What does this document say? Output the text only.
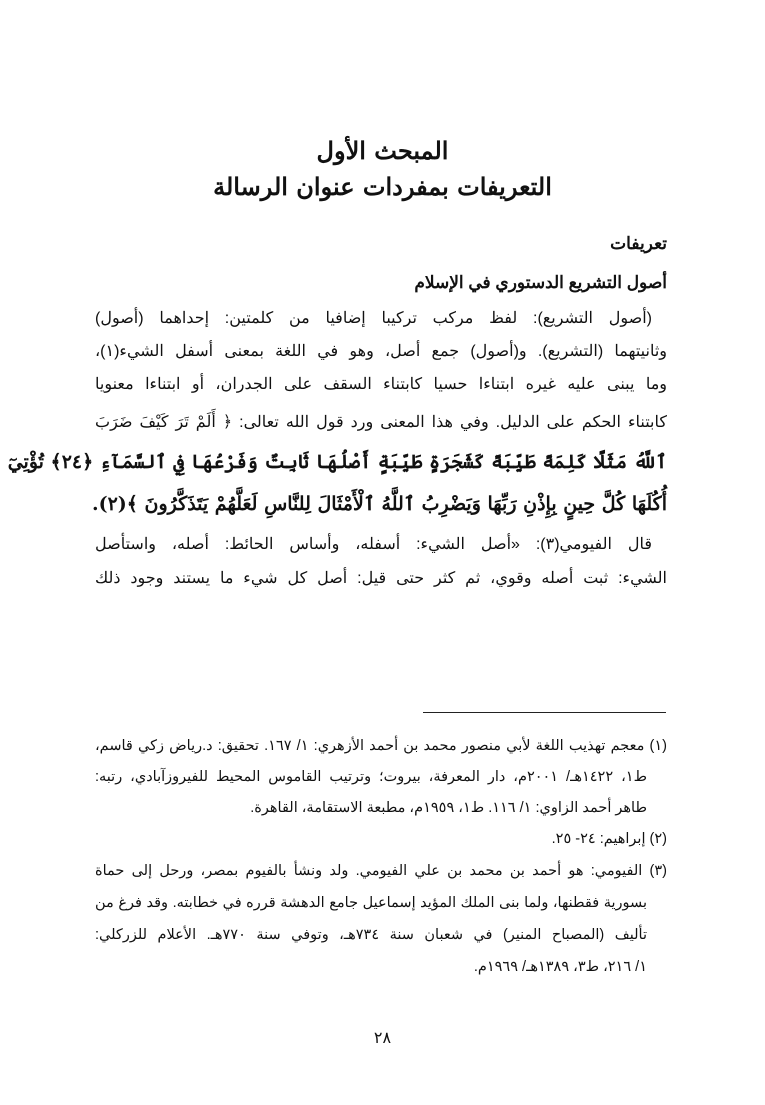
المبحث الأول
التعريفات بمفردات عنوان الرسالة
تعريفات
أصول التشريع الدستوري في الإسلام
(أصول التشريع): لفظ مركب تركيبا إضافيا من كلمتين: إحداهما (أصول)
وثانيتهما (التشريع). و(أصول) جمع أصل، وهو في اللغة بمعنى أسفل الشيء(١)،
وما يبنى عليه غيره ابتناءا حسيا كابتناء السقف على الجدران، أو ابتناءا معنويا
كابتناء الحكم على الدليل. وفي هذا المعنى ورد قول الله تعالى: ﴿ أَلَمْ تَرَ كَيْفَ ضَرَبَ
ٱللَّهُ مَثَلًا كَلِمَةً طَيِّبَةً كَشَجَرَةٍ طَيِّبَةٍ أَصْلُهَا ثَابِتٌ وَفَرْعُهَا فِي ٱلسَّمَآءِ ﴿٢٤﴾ تُؤْتِيٓ
أُكُلَهَا كُلَّ حِينٍ بِإِذْنِ رَبِّهَا وَيَضْرِبُ ٱللَّهُ ٱلْأَمْثَالَ لِلنَّاسِ لَعَلَّهُمْ يَتَذَكَّرُونَ ﴾(٢).
قال الفيومي(٣): «أصل الشيء: أسفله، وأساس الحائط: أصله، واستأصل
الشيء: ثبت أصله وقوي، ثم كثر حتى قيل: أصل كل شيء ما يستند وجود ذلك
(١) معجم تهذيب اللغة لأبي منصور محمد بن أحمد الأزهري: ١/ ١٦٧. تحقيق: د.رياض زكي قاسم،
ط١، ١٤٢٢هـ/ ٢٠٠١م، دار المعرفة، بيروت؛ وترتيب القاموس المحيط للفيروزآبادي، رتبه:
طاهر أحمد الزاوي: ١/ ١١٦. ط١، ١٩٥٩م، مطبعة الاستقامة، القاهرة.
(٢) إبراهيم: ٢٤- ٢٥.
(٣) الفيومي: هو أحمد بن محمد بن علي الفيومي. ولد ونشأ بالفيوم بمصر، ورحل إلى حماة
بسورية فقطنها، ولما بنى الملك المؤيد إسماعيل جامع الدهشة قرره في خطابته. وقد فرغ من
تأليف (المصباح المنير) في شعبان سنة ٧٣٤هـ، وتوفي سنة ٧٧٠هـ. الأعلام للزركلي:
١/ ٢١٦، ط٣، ١٣٨٩هـ/ ١٩٦٩م.
٢٨
